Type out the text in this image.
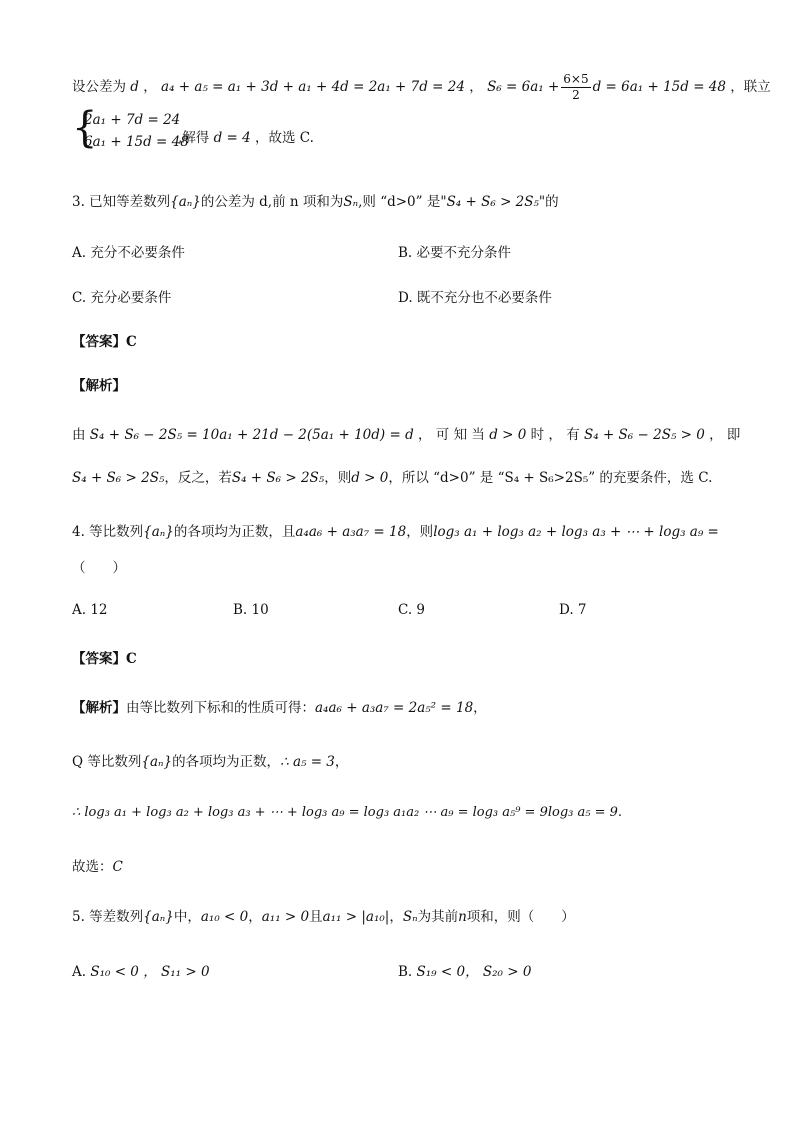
设公差为 d ， a₄ + a₅ = a₁ + 3d + a₁ + 4d = 2a₁ + 7d = 24 ， $S_6 = 6a_1 + \frac{6\times 5}{2}$ d = 6a₁ + 15d = 48 ，联立
{
2a₁ + 7d = 24
6a₁ + 15d = 48
,解得 d = 4 ，故选 C.
3. 已知等差数列{aₙ}的公差为 d,前 n 项和为Sₙ,则 “d>0” 是"S₄ + S₆ > 2S₅"的
A. 充分不必要条件	B. 必要不充分条件
C. 充分必要条件	D. 既不充分也不必要条件
【答案】C
【解析】
由 S₄ + S₆ − 2S₅ = 10a₁ + 21d − 2(5a₁ + 10d) = d ， 可 知 当 d > 0 时 ， 有 S₄ + S₆ − 2S₅ > 0 ， 即
S₄ + S₆ > 2S₅，反之，若S₄ + S₆ > 2S₅，则d > 0，所以 “d>0” 是 “S₄ + S₆>2S₅” 的充要条件，选 C.
4. 等比数列{aₙ}的各项均为正数，且a₄a₆ + a₃a₇ = 18，则log₃ a₁ + log₃ a₂ + log₃ a₃ + ⋯ + log₃ a₉ =
（　　）
A. 12	B. 10	C. 9	D. 7
【答案】C
【解析】由等比数列下标和的性质可得：a₄a₆ + a₃a₇ = 2a₅² = 18，
Q 等比数列{aₙ}的各项均为正数，∴ a₅ = 3，
∴ log₃ a₁ + log₃ a₂ + log₃ a₃ + ⋯ + log₃ a₉ = log₃ a₁a₂ ⋯ a₉ = log₃ a₅⁹ = 9log₃ a₅ = 9.
故选：C
5. 等差数列{aₙ}中，a₁₀ < 0，a₁₁ > 0且a₁₁ > |a₁₀|，Sₙ为其前n项和，则（　　）
A. S₁₀ < 0 ， S₁₁ > 0	B. S₁₉ < 0， S₂₀ > 0
